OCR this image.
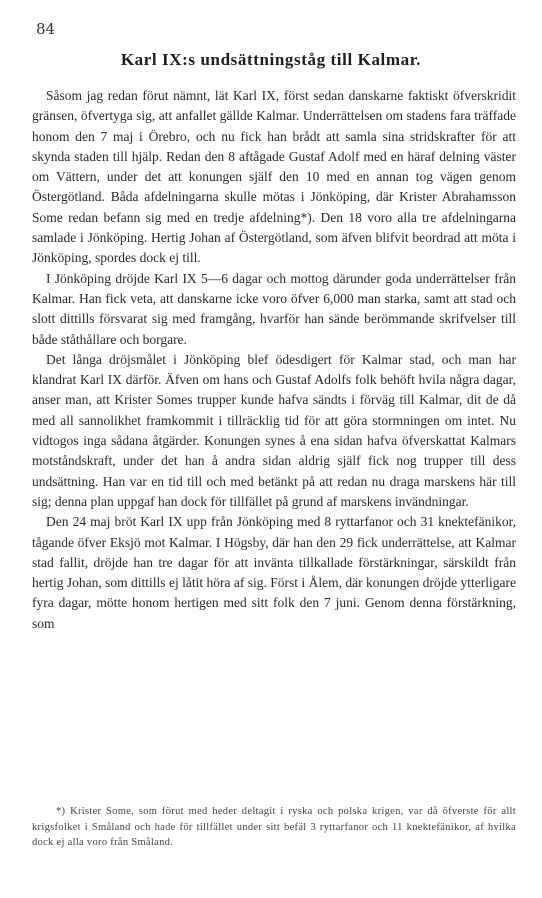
84
Karl IX:s undsättningståg till Kalmar.

Såsom jag redan förut nämnt, lät Karl IX, först sedan danskarne faktiskt öfverskridit gränsen, öfvertyga sig, att anfallet gällde Kalmar. Underrättelsen om stadens fara träffade honom den 7 maj i Örebro, och nu fick han brådt att samla sina stridskrafter för att skynda staden till hjälp. Redan den 8 aftågade Gustaf Adolf med en häraf delning väster om Vättern, under det att konungen själf den 10 med en annan tog vägen genom Östergötland. Båda afdelningarna skulle mötas i Jönköping, där Krister Abrahamsson Some redan befann sig med en tredje afdelning*). Den 18 voro alla tre afdelningarna samlade i Jönköping. Hertig Johan af Östergötland, som äfven blifvit beordrad att möta i Jönköping, spordes dock ej till.

I Jönköping dröjde Karl IX 5—6 dagar och mottog därunder goda underrättelser från Kalmar. Han fick veta, att danskarne icke voro öfver 6,000 man starka, samt att stad och slott dittills försvarat sig med framgång, hvarför han sände berömmande skrifvelser till både ståthållare och borgare.

Det långa dröjsmålet i Jönköping blef ödesdigert för Kalmar stad, och man har klandrat Karl IX därför. Äfven om hans och Gustaf Adolfs folk behöft hvila några dagar, anser man, att Krister Somes trupper kunde hafva sändts i förväg till Kalmar, dit de då med all sannolikhet framkommit i tillräcklig tid för att göra stormningen om intet. Nu vidtogos inga sådana åtgärder. Konungen synes å ena sidan hafva öfverskattat Kalmars motståndskraft, under det han å andra sidan aldrig själf fick nog trupper till dess undsättning. Han var en tid till och med betänkt på att redan nu draga marskens här till sig; denna plan uppgaf han dock för tillfället på grund af marskens invändningar.

Den 24 maj bröt Karl IX upp från Jönköping med 8 ryttarfanor och 31 knektefänikor, tågande öfver Eksjö mot Kalmar. I Högsby, där han den 29 fick underrättelse, att Kalmar stad fallit, dröjde han tre dagar för att invänta tillkallade förstärkningar, särskildt från hertig Johan, som dittills ej låtit höra af sig. Först i Ålem, där konungen dröjde ytterligare fyra dagar, mötte honom hertigen med sitt folk den 7 juni. Genom denna förstärkning, som

*) Krister Some, som förut med heder deltagit i ryska och polska krigen, var då öfverste för allt krigsfolket i Småland och hade för tillfället under sitt befäl 3 ryttarfanor och 11 knektefänikor, af hvilka dock ej alla voro från Småland.
